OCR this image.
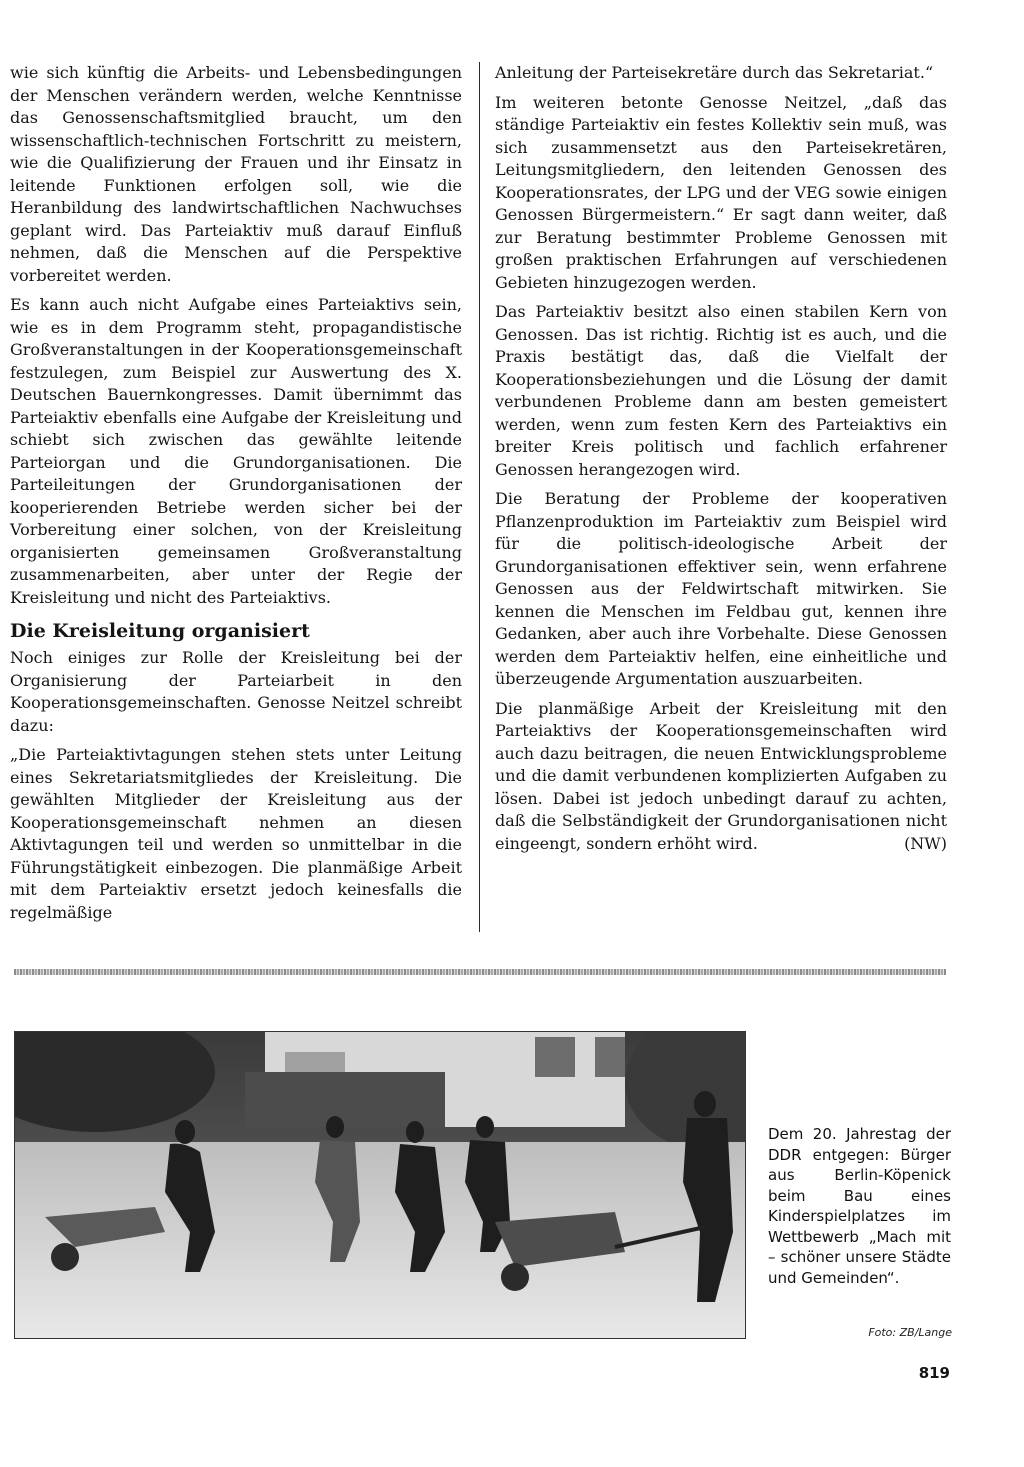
wie sich künftig die Arbeits- und Lebensbedingungen der Menschen verändern werden, welche Kenntnisse das Genossenschaftsmitglied braucht, um den wissenschaftlich-technischen Fortschritt zu meistern, wie die Qualifizierung der Frauen und ihr Einsatz in leitende Funktionen erfolgen soll, wie die Heranbildung des landwirtschaftlichen Nachwuchses geplant wird. Das Parteiaktiv muß darauf Einfluß nehmen, daß die Menschen auf die Perspektive vorbereitet werden.

Es kann auch nicht Aufgabe eines Parteiaktivs sein, wie es in dem Programm steht, propagandistische Großveranstaltungen in der Kooperationsgemeinschaft festzulegen, zum Beispiel zur Auswertung des X. Deutschen Bauernkongresses. Damit übernimmt das Parteiaktiv ebenfalls eine Aufgabe der Kreisleitung und schiebt sich zwischen das gewählte leitende Parteiorgan und die Grundorganisationen. Die Parteileitungen der Grundorganisationen der kooperierenden Betriebe werden sicher bei der Vorbereitung einer solchen, von der Kreisleitung organisierten gemeinsamen Großveranstaltung zusammenarbeiten, aber unter der Regie der Kreisleitung und nicht des Parteiaktivs.

Die Kreisleitung organisiert

Noch einiges zur Rolle der Kreisleitung bei der Organisierung der Parteiarbeit in den Kooperationsgemeinschaften. Genosse Neitzel schreibt dazu:

„Die Parteiaktivtagungen stehen stets unter Leitung eines Sekretariatsmitgliedes der Kreisleitung. Die gewählten Mitglieder der Kreisleitung aus der Kooperationsgemeinschaft nehmen an diesen Aktivtagungen teil und werden so unmittelbar in die Führungstätigkeit einbezogen. Die planmäßige Arbeit mit dem Parteiaktiv ersetzt jedoch keinesfalls die regelmäßige

Anleitung der Parteisekretäre durch das Sekretariat.“

Im weiteren betonte Genosse Neitzel, „daß das ständige Parteiaktiv ein festes Kollektiv sein muß, was sich zusammensetzt aus den Parteisekretären, Leitungsmitgliedern, den leitenden Genossen des Kooperationsrates, der LPG und der VEG sowie einigen Genossen Bürgermeistern.“ Er sagt dann weiter, daß zur Beratung bestimmter Probleme Genossen mit großen praktischen Erfahrungen auf verschiedenen Gebieten hinzugezogen werden.

Das Parteiaktiv besitzt also einen stabilen Kern von Genossen. Das ist richtig. Richtig ist es auch, und die Praxis bestätigt das, daß die Vielfalt der Kooperationsbeziehungen und die Lösung der damit verbundenen Probleme dann am besten gemeistert werden, wenn zum festen Kern des Parteiaktivs ein breiter Kreis politisch und fachlich erfahrener Genossen herangezogen wird.

Die Beratung der Probleme der kooperativen Pflanzenproduktion im Parteiaktiv zum Beispiel wird für die politisch-ideologische Arbeit der Grundorganisationen effektiver sein, wenn erfahrene Genossen aus der Feldwirtschaft mitwirken. Sie kennen die Menschen im Feldbau gut, kennen ihre Gedanken, aber auch ihre Vorbehalte. Diese Genossen werden dem Parteiaktiv helfen, eine einheitliche und überzeugende Argumentation auszuarbeiten.

Die planmäßige Arbeit der Kreisleitung mit den Parteiaktivs der Kooperationsgemeinschaften wird auch dazu beitragen, die neuen Entwicklungsprobleme und die damit verbundenen komplizierten Aufgaben zu lösen. Dabei ist jedoch unbedingt darauf zu achten, daß die Selbständigkeit der Grundorganisationen nicht eingeengt, sondern erhöht wird.	(NW)
Dem 20. Jahrestag der DDR entgegen: Bürger aus Berlin-Köpenick beim Bau eines Kinderspielplatzes im Wettbewerb „Mach mit – schöner unsere Städte und Gemeinden“.
Foto: ZB/Lange
819
